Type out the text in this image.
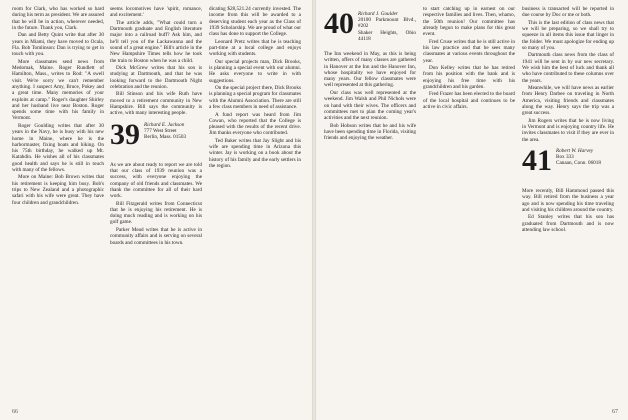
room for Clark, who has worked so hard during his term as president. We are assured that he will be in action, wherever needed, in the future. Thank you, Clark.

Dan and Betty Quint write that after 30 years in Miami, they have moved to Ocala, Fla. Bob Tomlinson: Dan is trying to get in touch with you.

More classmates send news from Medomak, Maine. Roger Rundlett of Hamilton, Mass., writes to Rod: "A swell visit. We're sorry we can't remember anything. I suspect Amy, Bruce, Pokey and a great time. Many memories of your exploits at camp." Roger's daughter Shirley and her husband live near Boston. Roger spends some time with his family in Vermont.

Roger Goulding writes that after 30 years in the Navy, he is busy with his new home in Maine, where he is the harbormaster, fixing boats and hiking. On his 75th birthday, he walked up Mt. Katahdin. He wishes all of his classmates good health and says he is still in touch with many of the fellows.

More on Maine: Bob Brown writes that his retirement is keeping him busy. Bob's trips to New Zealand and a photographic safari with his wife were great. They have four children and grandchildren.

seems locomotives have 'spirit, romance, and excitement.'

The article adds, "What could turn a Dartmouth graduate and English literature major into a railroad buff? Ask him, and he'll tell you of the Lackawanna and the sound of a great engine." Bill's article in the New Hampshire Times tells how he took the train to Boston when he was a child.

Dick McGrew writes that his son is studying at Dartmouth, and that he was looking forward to the Dartmouth Night celebration and the reunion.

Bill Stinson and his wife Ruth have moved to a retirement community in New Hampshire. Bill says the community is active, with many interesting people.

39 Richard E. Jackson
777 West Street
Berlin, Mass. 01503

As we are about ready to report we are told that our class of 1939 reunion was a success, with everyone enjoying the company of old friends and classmates. We thank the committee for all of their hard work.

Bill Fitzgerald writes from Connecticut that he is enjoying his retirement. He is doing much reading and is working on his golf game.

Parker Mead writes that he is active in community affairs and is serving on several boards and committees in his town.

dicating $28,521.24 currently invested. The income from this will be awarded to a deserving student each year as the Class of 1939 Scholarship. We are proud of what our class has done to support the College.

Leonard Pretz writes that he is teaching part-time at a local college and enjoys working with students.

Our special projects man, Dick Brooks, is planning a special event with our alumni. He asks everyone to write in with suggestions.

On the special project there, Dick Brooks is planning a special program for classmates with the Alumni Association. There are still a few class members in need of assistance.

A fund report was heard from Jim Cowan, who reported that the College is pleased with the results of the recent drive. Jim thanks everyone who contributed.

Ted Baker writes that Jay Slight and his wife are spending time in Arizona this winter. Jay is working on a book about the history of his family and the early settlers in the region.

66
40 Richard J. Goulder
20100 Parkmount Blvd., #202
Shaker Heights, Ohio 44118

The Inn weekend in May, as this is being written, offers of many classes are gathered in Hanover at the Inn and the Hanover Inn, whose hospitality we have enjoyed for many years. Our fellow classmates were well represented at this gathering.

Our class was well represented at the weekend. Jim Walsh and Phil Nichols were on hand with their wives. The officers and committees met to plan the coming year's activities and the next reunion.

Bob Hobson writes that he and his wife have been spending time in Florida, visiting friends and enjoying the weather.

to start catching up in earnest on our respective families and lives. Then, whamo, the 50th reunion! Our committee has already begun to make plans for this great event.

Fred Cruse writes that he is still active in his law practice and that he sees many classmates at various events throughout the year.

Don Kelley writes that he has retired from his position with the bank and is enjoying his free time with his grandchildren and his garden.

Fred Frazer has been elected to the board of the local hospital and continues to be active in civic affairs.

business is transacted will be reported in due course by Doc or me or both.

This is the last edition of class news that we will be preparing, so we shall try to squeeze in all items this issue that linger in the folder. We must apologize for ending up so many of you.

Dartmouth class news from the class of 1941 will be sent in by our new secretary. We wish him the best of luck and thank all who have contributed to these columns over the years.

Meanwhile, we will have news as earlier from Henry Darbee on traveling in North America, visiting friends and classmates along the way. Henry says the trip was a great success.

Jim Rogers writes that he is now living in Vermont and is enjoying country life. He invites classmates to visit if they are ever in the area.

41 Robert W. Harvey
Box 333
Canaan, Conn. 06018

More recently, Bill Hammond passed this way. Bill retired from the business a year ago and is now spending his time traveling and visiting his children around the country.

Ed Stanley writes that his son has graduated from Dartmouth and is now attending law school.

67
